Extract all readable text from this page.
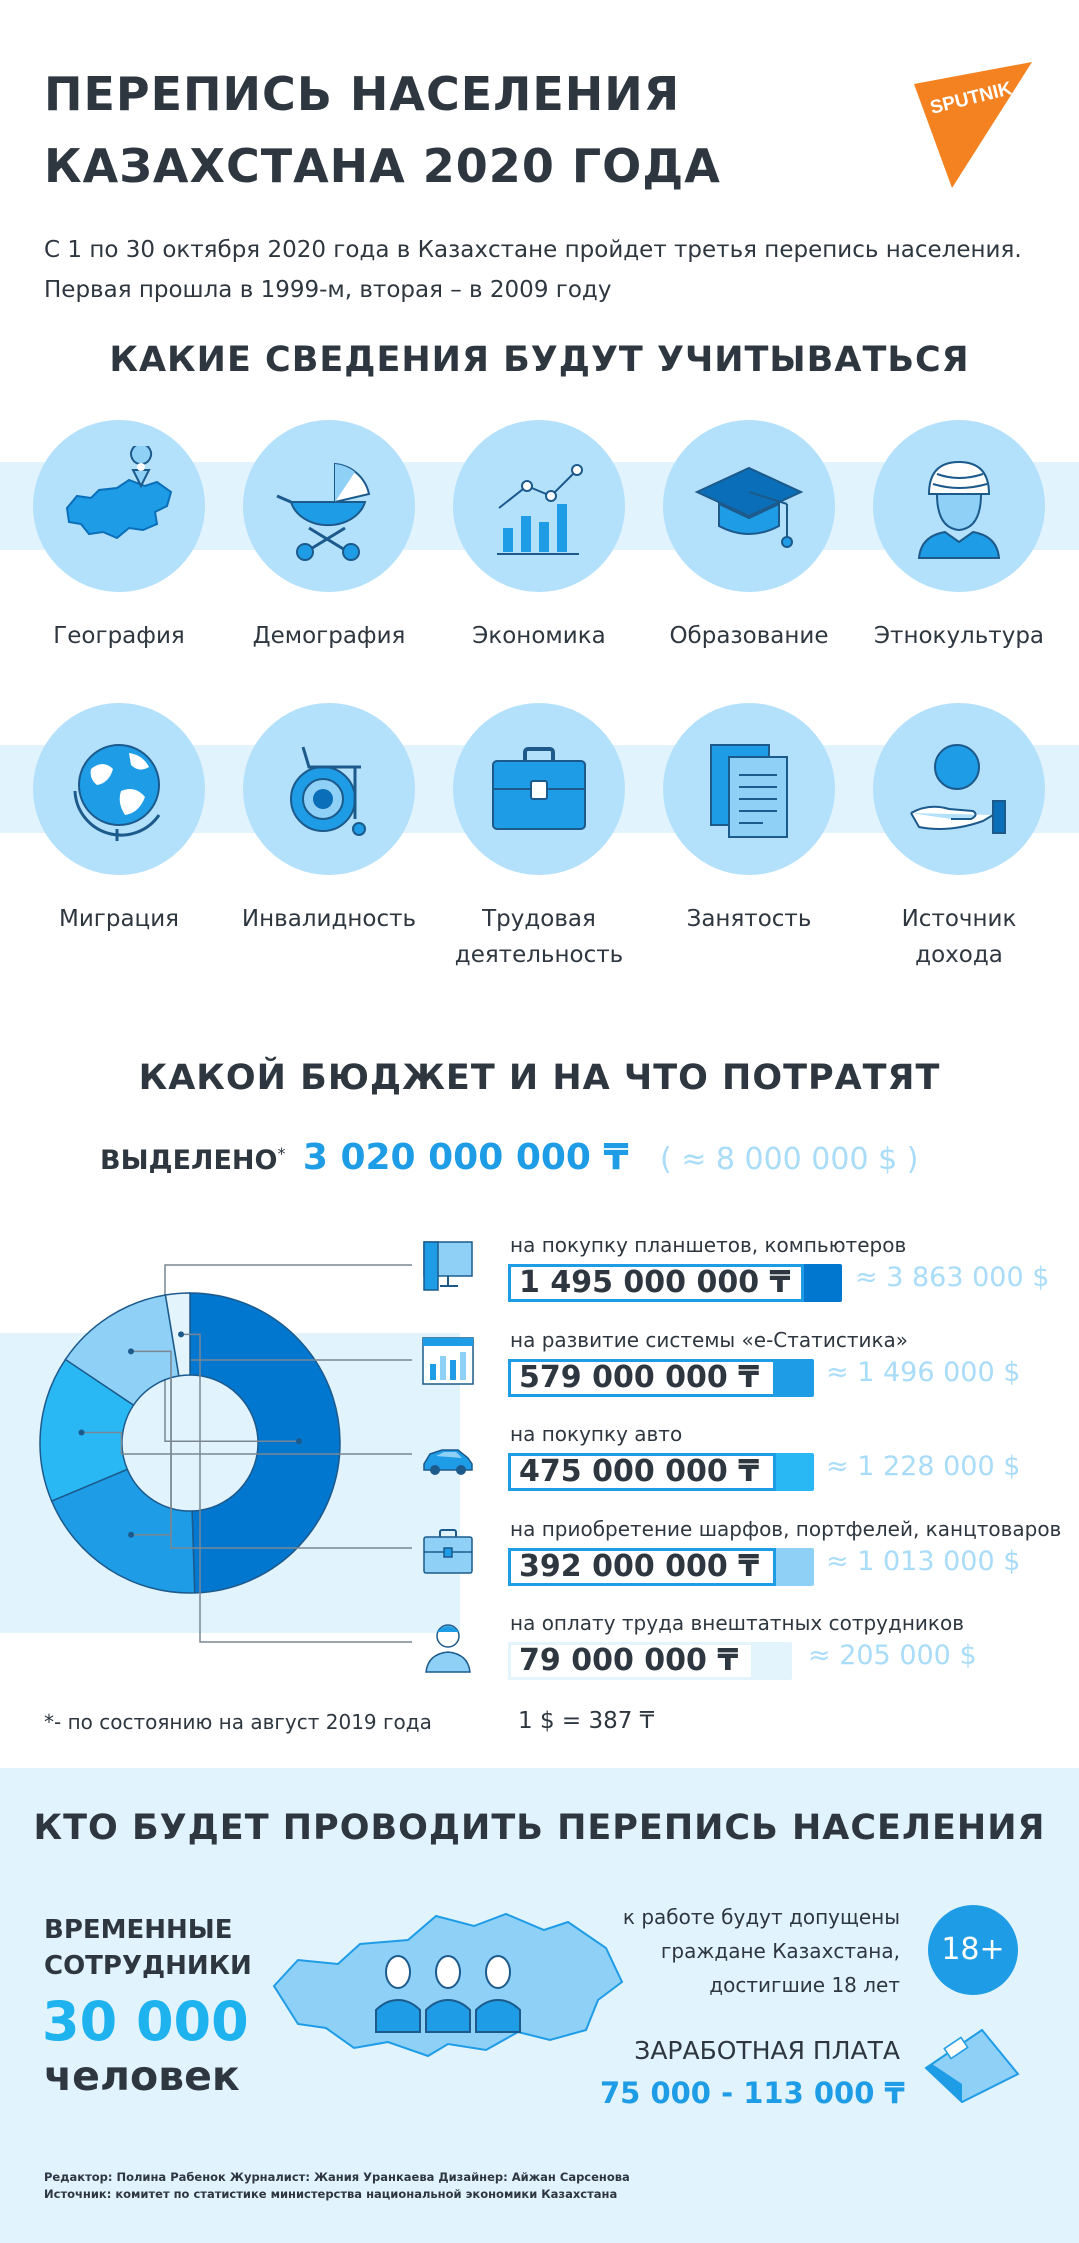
ПЕРЕПИСЬ НАСЕЛЕНИЯ
КАЗАХСТАНА 2020 ГОДА
SPUTNIK
С 1 по 30 октября 2020 года в Казахстане пройдет третья перепись населения.
Первая прошла в 1999-м, вторая – в 2009 году
КАКИЕ СВЕДЕНИЯ БУДУТ УЧИТЫВАТЬСЯ
География	Демография	Экономика	Образование	Этнокультура
Миграция	Инвалидность	Трудовая
деятельность
Занятость	Источник
дохода
КАКОЙ БЮДЖЕТ И НА ЧТО ПОТРАТЯТ
ВЫДЕЛЕНО* 3 020 000 000 ₸ ( ≈ 8 000 000 $ )
на покупку планшетов, компьютеров
1 495 000 000 ₸	≈ 3 863 000 $
на развитие системы «е-Статистика»
579 000 000 ₸	≈ 1 496 000 $
на покупку авто
475 000 000 ₸	≈ 1 228 000 $
на приобретение шарфов, портфелей, канцтоваров
392 000 000 ₸	≈ 1 013 000 $
на оплату труда внештатных сотрудников
79 000 000 ₸	≈ 205 000 $
*- по состоянию на август 2019 года	1 $ = 387 ₸
КТО БУДЕТ ПРОВОДИТЬ ПЕРЕПИСЬ НАСЕЛЕНИЯ
ВРЕМЕННЫЕ
СОТРУДНИКИ
30 000
человек
к работе будут допущены
граждане Казахстана,
достигшие 18 лет
18+
ЗАРАБОТНАЯ ПЛАТА
75 000 - 113 000 ₸
Редактор: Полина Рабенок Журналист: Жания Уранкаева Дизайнер: Айжан Сарсенова
Источник: комитет по статистике министерства национальной экономики Казахстана
